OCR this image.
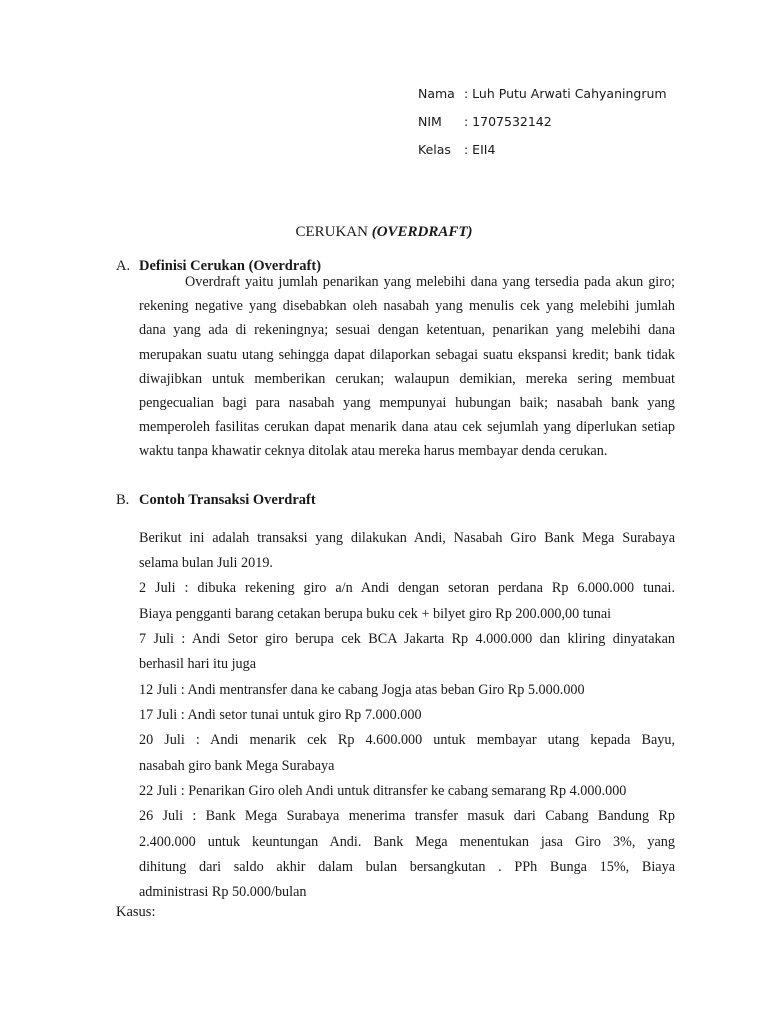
Nama : Luh Putu Arwati Cahyaningrum
NIM	: 1707532142
Kelas	: EII4
CERUKAN (OVERDRAFT)
A. Definisi Cerukan (Overdraft)
Overdraft yaitu jumlah penarikan yang melebihi dana yang tersedia pada akun giro; rekening negative yang disebabkan oleh nasabah yang menulis cek yang melebihi jumlah dana yang ada di rekeningnya; sesuai dengan ketentuan, penarikan yang melebihi dana merupakan suatu utang sehingga dapat dilaporkan sebagai suatu ekspansi kredit; bank tidak diwajibkan untuk memberikan cerukan; walaupun demikian, mereka sering membuat pengecualian bagi para nasabah yang mempunyai hubungan baik; nasabah bank yang memperoleh fasilitas cerukan dapat menarik dana atau cek sejumlah yang diperlukan setiap waktu tanpa khawatir ceknya ditolak atau mereka harus membayar denda cerukan.
B. Contoh Transaksi Overdraft
Berikut ini adalah transaksi yang dilakukan Andi, Nasabah Giro Bank Mega Surabaya
selama bulan Juli 2019.
2 Juli : dibuka rekening giro a/n Andi dengan setoran perdana Rp 6.000.000 tunai.
Biaya pengganti barang cetakan berupa buku cek + bilyet giro Rp 200.000,00 tunai
7 Juli : Andi Setor giro berupa cek BCA Jakarta Rp 4.000.000 dan kliring dinyatakan
berhasil hari itu juga
12 Juli : Andi mentransfer dana ke cabang Jogja atas beban Giro Rp 5.000.000
17 Juli : Andi setor tunai untuk giro Rp 7.000.000
20 Juli : Andi menarik cek Rp 4.600.000 untuk membayar utang kepada Bayu,
nasabah giro bank Mega Surabaya
22 Juli : Penarikan Giro oleh Andi untuk ditransfer ke cabang semarang Rp 4.000.000
26 Juli : Bank Mega Surabaya menerima transfer masuk dari Cabang Bandung Rp
2.400.000 untuk keuntungan Andi. Bank Mega menentukan jasa Giro 3%, yang
dihitung dari saldo akhir dalam bulan bersangkutan . PPh Bunga 15%, Biaya
administrasi Rp 50.000/bulan
Kasus:
